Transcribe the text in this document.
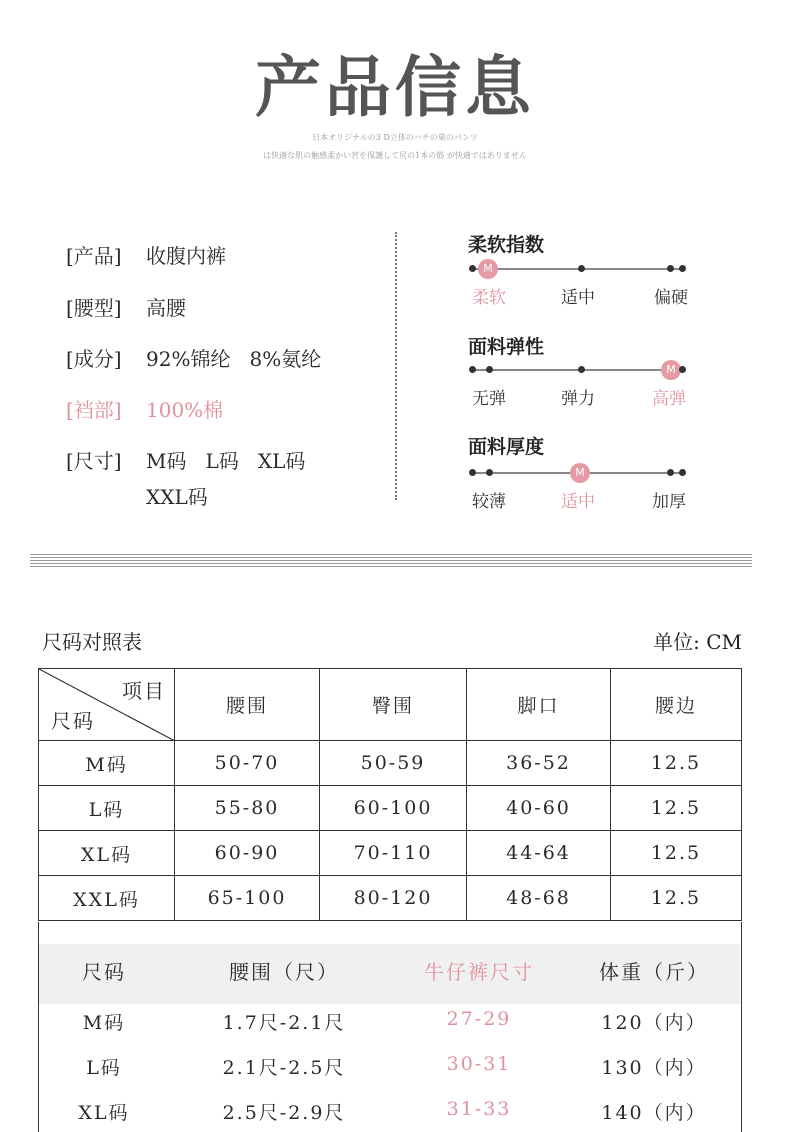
产品信息
日本オリジナルの3 D立体のハチの巣のパンツ
は快適な肌の触感柔かい宮を保護して尻の1本の筋 が快適ではありません
[产品] 收腹内裤
[腰型] 高腰
[成分] 92%锦纶   8%氨纶
[裆部] 100%棉
[尺寸] M码   L码   XL码
XXL码
柔软指数
M
柔软	适中	偏硬
面料弹性
M
无弹	弹力	高弹
面料厚度
M
较薄	适中	加厚
尺码对照表	单位: CM
项目
尺码	腰围	臀围	脚口	腰边
M码	50-70	50-59	36-52	12.5
L码	55-80	60-100	40-60	12.5
XL码	60-90	70-110	44-64	12.5
XXL码	65-100	80-120	48-68	12.5
尺码	腰围（尺）	牛仔裤尺寸	体重（斤）
M码	1.7尺-2.1尺	27-29	120（内）
L码	2.1尺-2.5尺	30-31	130（内）
XL码	2.5尺-2.9尺	31-33	140（内）
